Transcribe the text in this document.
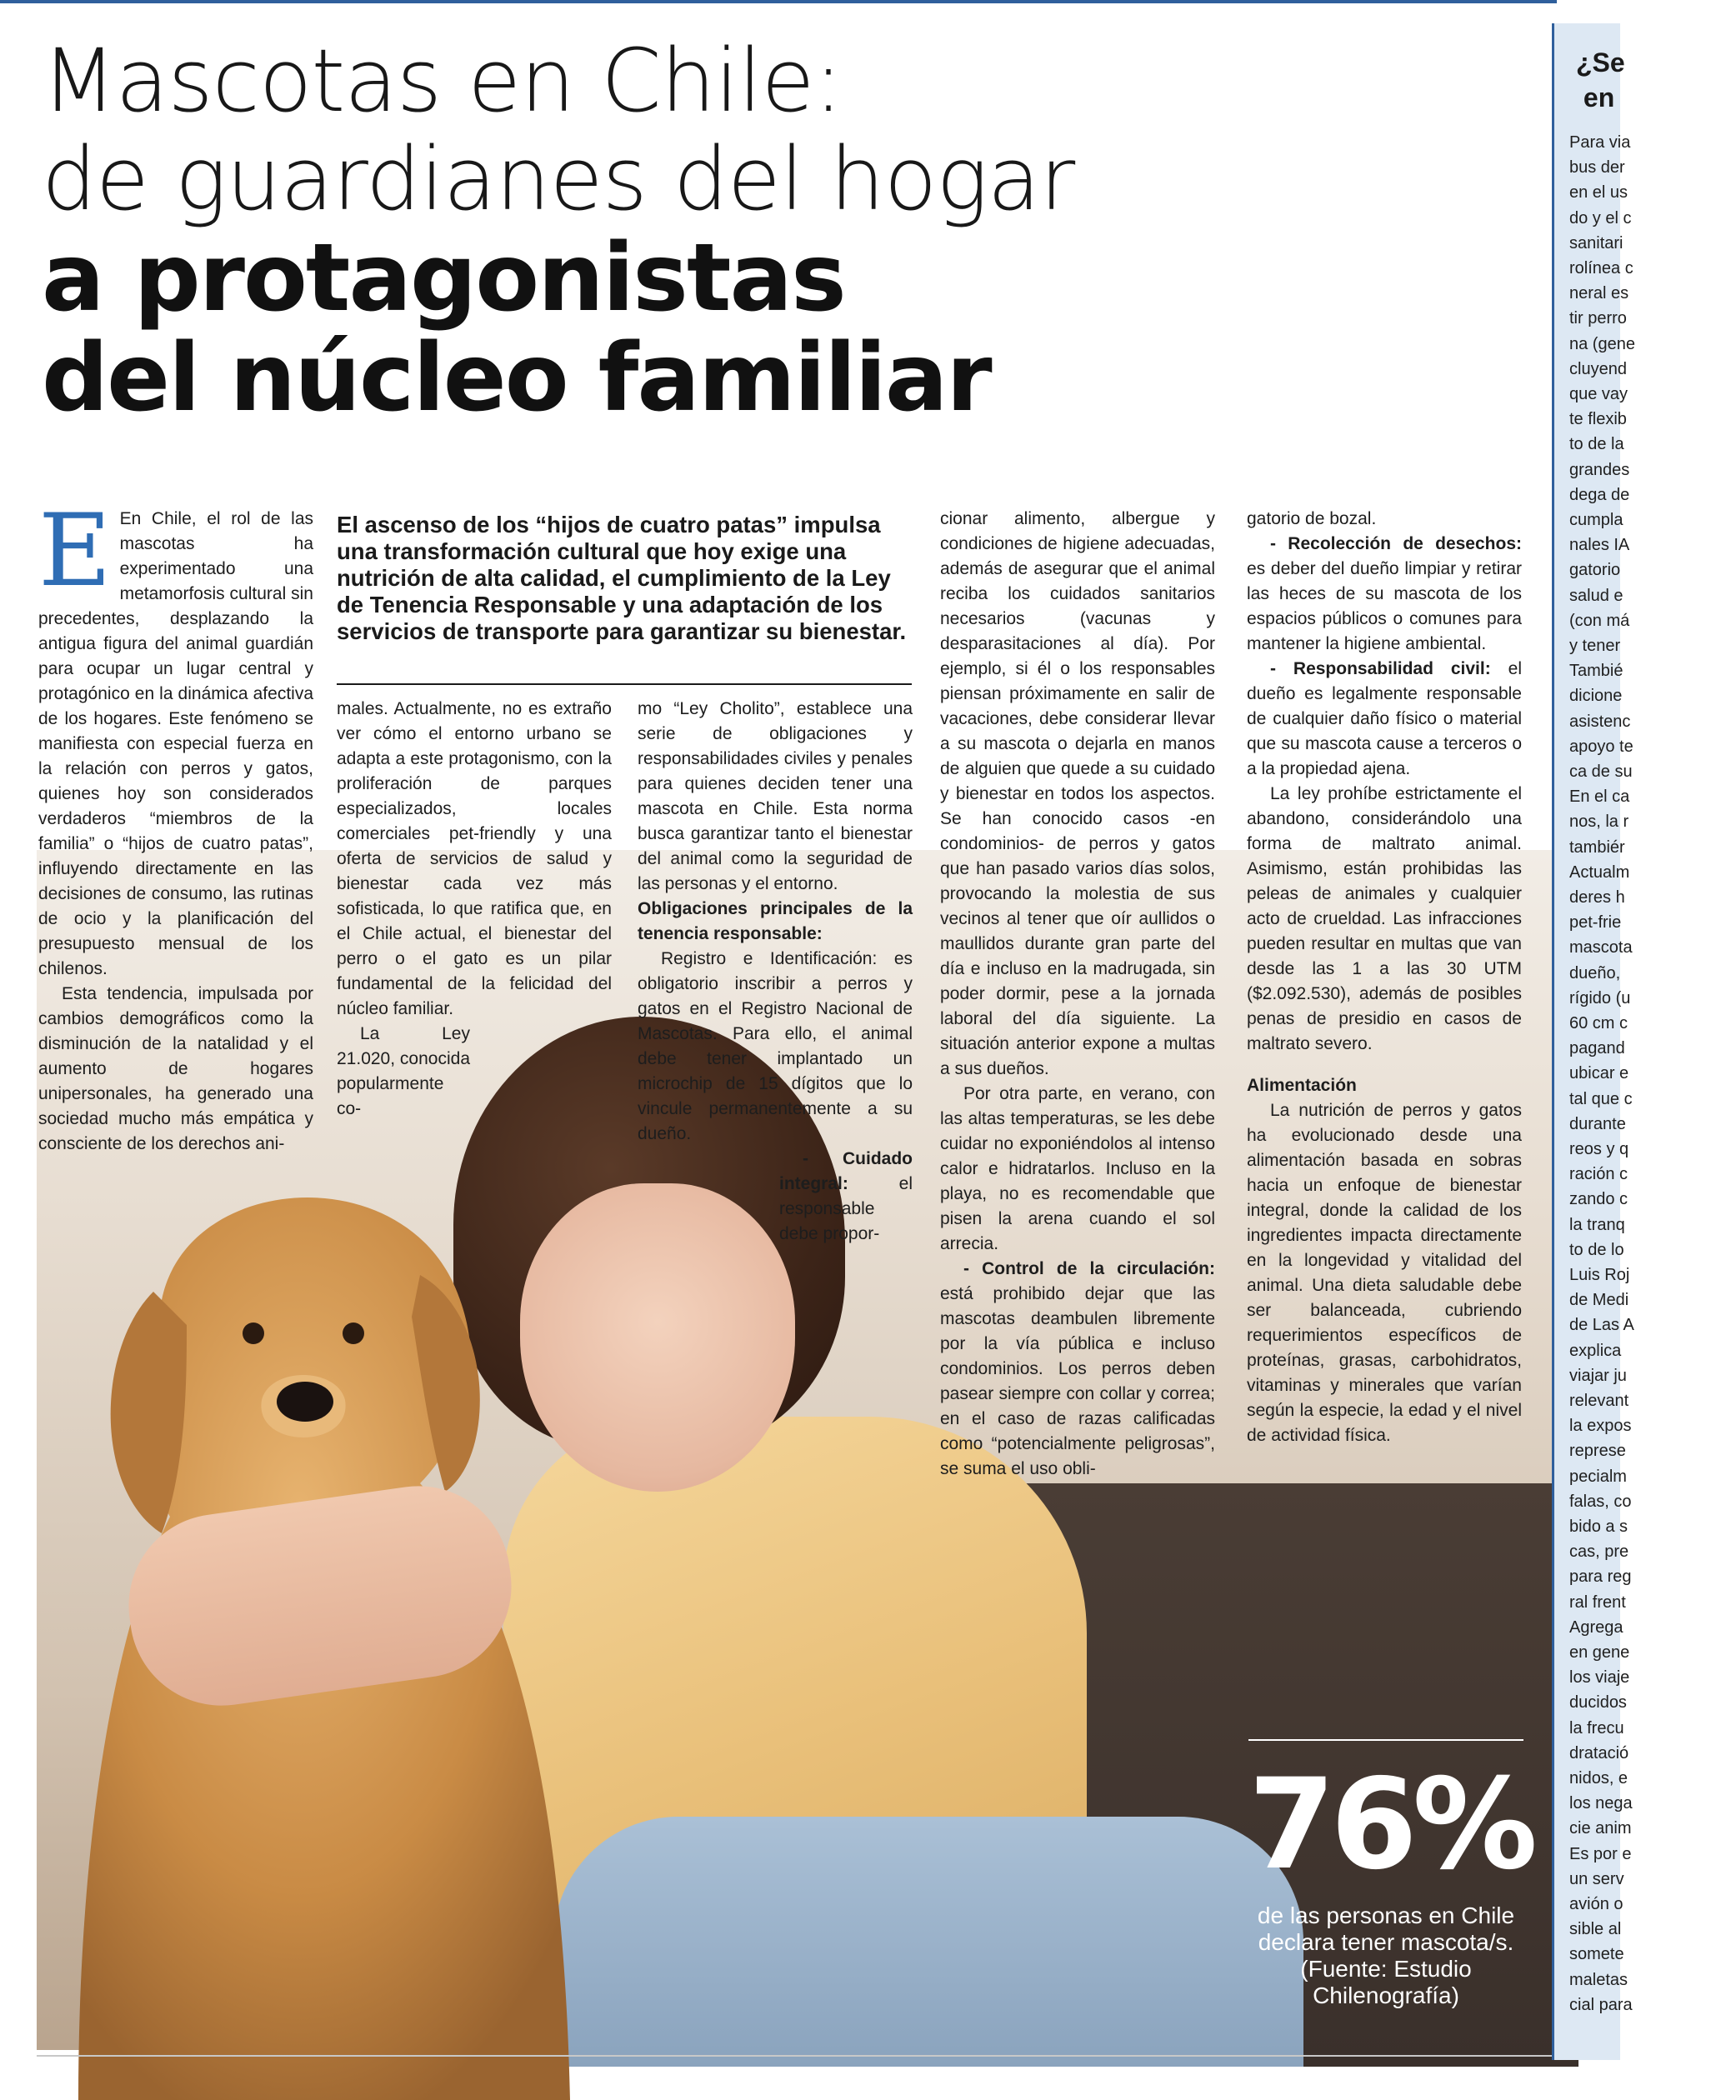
Mascotas en Chile:
de guardianes del hogar
a protagonistas
del núcleo familiar
E En Chile, el rol de las mascotas ha experimentado una metamorfosis cultural sin precedentes, desplazando la antigua figura del animal guardián para ocupar un lugar central y protagónico en la dinámica afectiva de los hogares. Este fenómeno se manifiesta con especial fuerza en la relación con perros y gatos, quienes hoy son considerados verdaderos “miembros de la familia” o “hijos de cuatro patas”, influyendo directamente en las decisiones de consumo, las rutinas de ocio y la planificación del presupuesto mensual de los chilenos.

Esta tendencia, impulsada por cambios demográficos como la disminución de la natalidad y el aumento de hogares unipersonales, ha generado una sociedad mucho más empática y consciente de los derechos ani-

El ascenso de los “hijos de cuatro patas” impulsa una transformación cultural que hoy exige una nutrición de alta calidad, el cumplimiento de la Ley de Tenencia Responsable y una adaptación de los servicios de transporte para garantizar su bienestar.

males. Actualmente, no es extraño ver cómo el entorno urbano se adapta a este protagonismo, con la proliferación de parques especializados, locales comerciales pet-friendly y una oferta de servicios de salud y bienestar cada vez más sofisticada, lo que ratifica que, en el Chile actual, el bienestar del perro o el gato es un pilar fundamental de la felicidad del núcleo familiar.

La Ley 21.020, conocida popularmente co-

mo “Ley Cholito”, establece una serie de obligaciones y responsabilidades civiles y penales para quienes deciden tener una mascota en Chile. Esta norma busca garantizar tanto el bienestar del animal como la seguridad de las personas y el entorno.

Obligaciones principales de la tenencia responsable:

Registro e Identificación: es obligatorio inscribir a perros y gatos en el Registro Nacional de Mascotas. Para ello, el animal debe tener implantado un microchip de 15 dígitos que lo vincule permanentemente a su dueño.

- Cuidado integral: el responsable debe propor-

cionar alimento, albergue y condiciones de higiene adecuadas, además de asegurar que el animal reciba los cuidados sanitarios necesarios (vacunas y desparasitaciones al día). Por ejemplo, si él o los responsables piensan próximamente en salir de vacaciones, debe considerar llevar a su mascota o dejarla en manos de alguien que quede a su cuidado y bienestar en todos los aspectos. Se han conocido casos -en condominios- de perros y gatos que han pasado varios días solos, provocando la molestia de sus vecinos al tener que oír aullidos o maullidos durante gran parte del día e incluso en la madrugada, sin poder dormir, pese a la jornada laboral del día siguiente. La situación anterior expone a multas a sus dueños.

Por otra parte, en verano, con las altas temperaturas, se les debe cuidar no exponiéndolos al intenso calor e hidratarlos. Incluso en la playa, no es recomendable que pisen la arena cuando el sol arrecia.

- Control de la circulación: está prohibido dejar que las mascotas deambulen libremente por la vía pública e incluso condominios. Los perros deben pasear siempre con collar y correa; en el caso de razas calificadas como “potencialmente peligrosas”, se suma el uso obli-

gatorio de bozal.

- Recolección de desechos: es deber del dueño limpiar y retirar las heces de su mascota de los espacios públicos o comunes para mantener la higiene ambiental.

- Responsabilidad civil: el dueño es legalmente responsable de cualquier daño físico o material que su mascota cause a terceros o a la propiedad ajena.

La ley prohíbe estrictamente el abandono, considerándolo una forma de maltrato animal. Asimismo, están prohibidas las peleas de animales y cualquier acto de crueldad. Las infracciones pueden resultar en multas que van desde las 1 a las 30 UTM ($2.092.530), además de posibles penas de presidio en casos de maltrato severo.

Alimentación

La nutrición de perros y gatos ha evolucionado desde una alimentación basada en sobras hacia un enfoque de bienestar integral, donde la calidad de los ingredientes impacta directamente en la longevidad y vitalidad del animal. Una dieta saludable debe ser balanceada, cubriendo requerimientos específicos de proteínas, grasas, carbohidratos, vitaminas y minerales que varían según la especie, la edad y el nivel de actividad física.

76%
de las personas en Chile declara tener mascota/s. (Fuente: Estudio Chilenografía)
¿Se
en
Para via
bus der
en el us
do y el c
sanitari
rolínea c
neral es
tir perro
na (gene
cluyend
que vay
te flexib
to de la
grandes
dega de
cumpla
nales IA
gatorio
salud e
(con má
y tener
Tambié
dicione
asistenc
apoyo te
ca de su
En el ca
nos, la r
tambiér
Actualm
deres h
pet-frie
mascota
dueño,
rígido (u
60 cm c
pagand
ubicar e
tal que c
durante
reos y q
ración c
zando c
la tranq
to de lo
Luis Roj
de Medi
de Las A
explica
viajar ju
relevant
la expos
represe
pecialm
falas, co
bido a s
cas, pre
para reg
ral frent
Agrega
en gene
los viaje
ducidos
la frecu
dratació
nidos, e
los nega
cie anim
Es por e
un serv
avión o
sible al
somete
maletas
cial para
